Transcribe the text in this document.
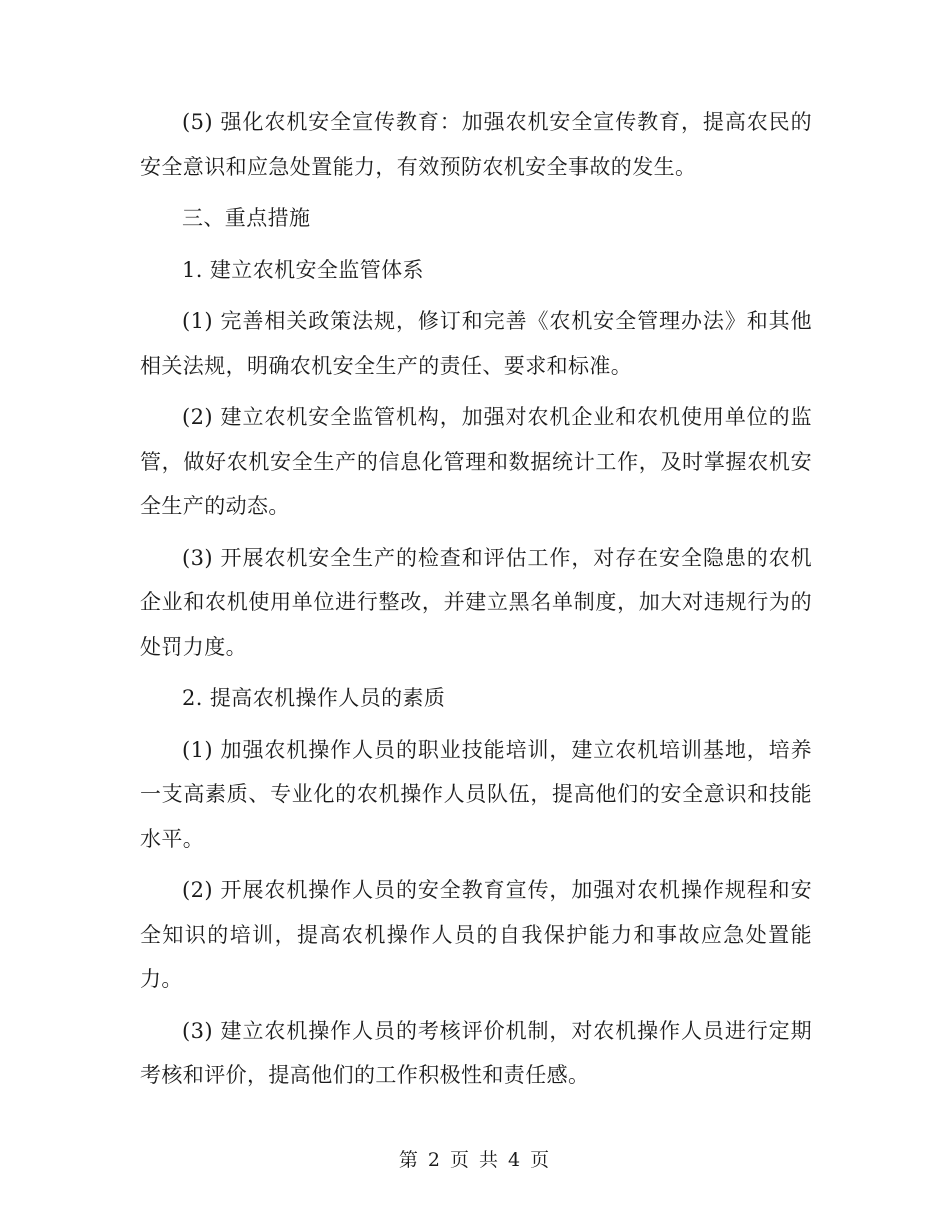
(5) 强化农机安全宣传教育：加强农机安全宣传教育，提高农民的安全意识和应急处置能力，有效预防农机安全事故的发生。

三、重点措施

1. 建立农机安全监管体系

(1) 完善相关政策法规，修订和完善《农机安全管理办法》和其他相关法规，明确农机安全生产的责任、要求和标准。

(2) 建立农机安全监管机构，加强对农机企业和农机使用单位的监管，做好农机安全生产的信息化管理和数据统计工作，及时掌握农机安全生产的动态。

(3) 开展农机安全生产的检查和评估工作，对存在安全隐患的农机企业和农机使用单位进行整改，并建立黑名单制度，加大对违规行为的处罚力度。

2. 提高农机操作人员的素质

(1) 加强农机操作人员的职业技能培训，建立农机培训基地，培养一支高素质、专业化的农机操作人员队伍，提高他们的安全意识和技能水平。

(2) 开展农机操作人员的安全教育宣传，加强对农机操作规程和安全知识的培训，提高农机操作人员的自我保护能力和事故应急处置能力。

(3) 建立农机操作人员的考核评价机制，对农机操作人员进行定期考核和评价，提高他们的工作积极性和责任感。

第 2 页 共 4 页
